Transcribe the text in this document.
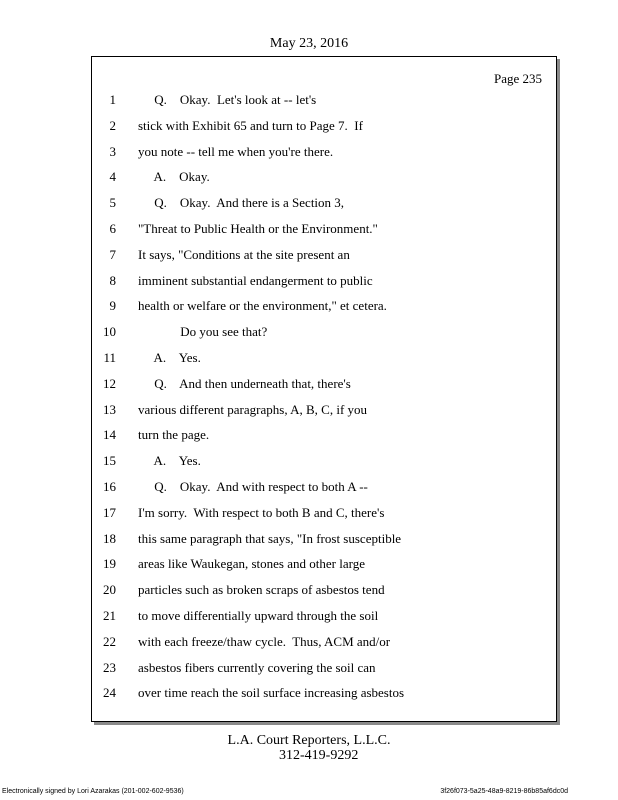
May 23, 2016
Page 235
1 Q.    Okay.  Let's look at -- let's
2 stick with Exhibit 65 and turn to Page 7.  If
3 you note -- tell me when you're there.
4 A.    Okay.
5 Q.    Okay.  And there is a Section 3,
6 "Threat to Public Health or the Environment."
7 It says, "Conditions at the site present an
8 imminent substantial endangerment to public
9 health or welfare or the environment," et cetera.
10 Do you see that?
11 A.    Yes.
12 Q.    And then underneath that, there's
13 various different paragraphs, A, B, C, if you
14 turn the page.
15 A.    Yes.
16 Q.    Okay.  And with respect to both A --
17 I'm sorry.  With respect to both B and C, there's
18 this same paragraph that says, "In frost susceptible
19 areas like Waukegan, stones and other large
20 particles such as broken scraps of asbestos tend
21 to move differentially upward through the soil
22 with each freeze/thaw cycle.  Thus, ACM and/or
23 asbestos fibers currently covering the soil can
24 over time reach the soil surface increasing asbestos
L.A. Court Reporters, L.L.C.
312-419-9292
Electronically signed by Lori Azarakas (201-002-602-9536)	3f26f073-5a25-48a9-8219-86b85af6dc0d
